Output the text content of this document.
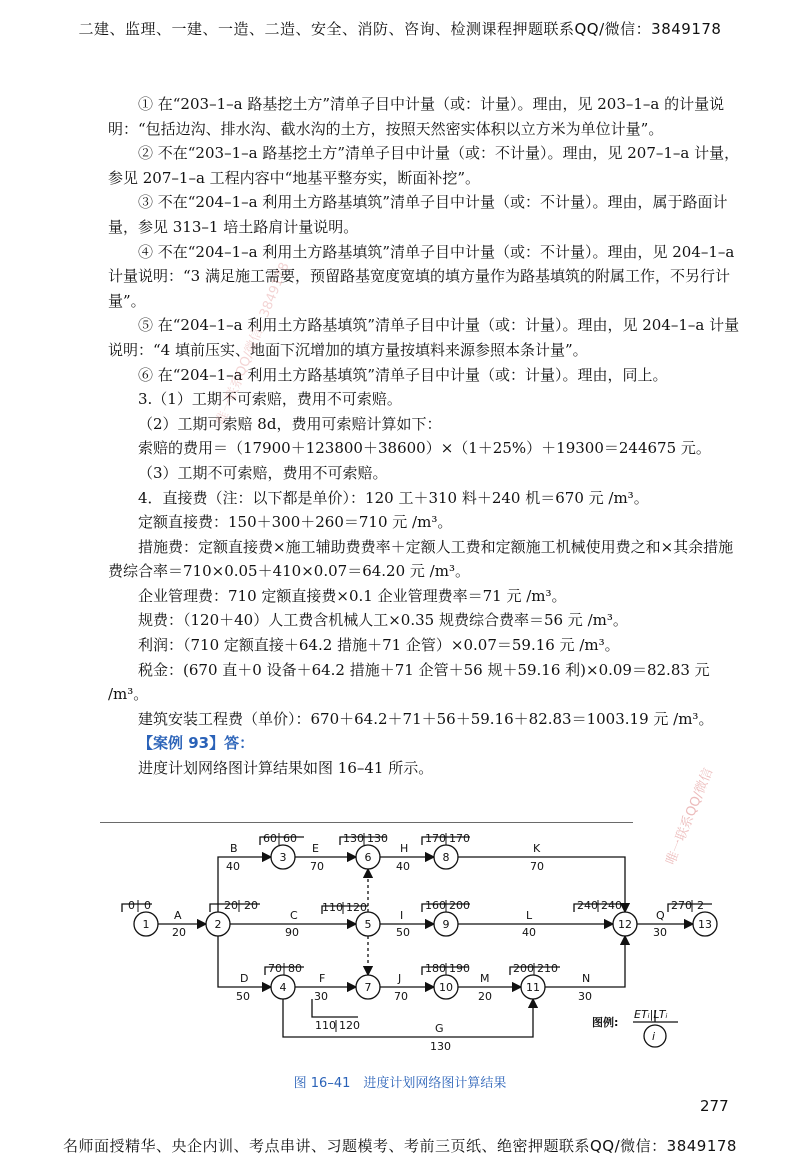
二建、监理、一建、一造、二造、安全、消防、咨询、检测课程押题联系QQ/微信：3849178

① 在“203–1–a 路基挖土方”清单子目中计量（或：计量）。理由，见 203–1–a 的计量说明：“包括边沟、排水沟、截水沟的土方，按照天然密实体积以立方米为单位计量”。

② 不在“203–1–a 路基挖土方”清单子目中计量（或：不计量）。理由，见 207–1–a 计量，参见 207–1–a 工程内容中“地基平整夯实，断面补挖”。

③ 不在“204–1–a 利用土方路基填筑”清单子目中计量（或：不计量）。理由，属于路面计量，参见 313–1 培土路肩计量说明。

④ 不在“204–1–a 利用土方路基填筑”清单子目中计量（或：不计量）。理由，见 204–1–a 计量说明：“3 满足施工需要，预留路基宽度宽填的填方量作为路基填筑的附属工作，不另行计量”。

⑤ 在“204–1–a 利用土方路基填筑”清单子目中计量（或：计量）。理由，见 204–1–a 计量说明：“4 填前压实、地面下沉增加的填方量按填料来源参照本条计量”。

⑥ 在“204–1–a 利用土方路基填筑”清单子目中计量（或：计量）。理由，同上。

3.（1）工期不可索赔，费用不可索赔。

（2）工期可索赔 8d，费用可索赔计算如下：

索赔的费用＝（17900＋123800＋38600）×（1＋25%）＋19300＝244675 元。

（3）工期不可索赔，费用不可索赔。

4．直接费（注：以下都是单价）：120 工＋310 料＋240 机＝670 元 /m³。

定额直接费：150＋300＋260＝710 元 /m³。

措施费：定额直接费×施工辅助费费率＋定额人工费和定额施工机械使用费之和×其余措施费综合率＝710×0.05＋410×0.07＝64.20 元 /m³。

企业管理费：710 定额直接费×0.1 企业管理费率＝71 元 /m³。

规费：（120＋40）人工费含机械人工×0.35 规费综合费率＝56 元 /m³。

利润：（710 定额直接＋64.2 措施＋71 企管）×0.07＝59.16 元 /m³。

税金：(670 直＋0 设备＋64.2 措施＋71 企管＋56 规＋59.16 利)×0.09＝82.83 元 /m³。

建筑安装工程费（单价）：670＋64.2＋71＋56＋59.16＋82.83＝1003.19 元 /m³。

【案例 93】答：

进度计划网络图计算结果如图 16–41 所示。

1	2
3
4
5
6
7
8
9
10	11
12	13
0 0	20 20
60 60
70 80
110 120
130 130
110 120
170 170
160 200
180 190	200 210
240 240	270 2
A
20
B
40
C
90
D
50
E
70
F
30
G
130
H
40
I
50
J
70
K
70
L
40
M
20
N
30
Q
30
图例:
ETᵢ|LTᵢ
i
图 16–41　进度计划网络图计算结果
唯一联系QQ/微信：3849178
唯一联系QQ/微信
277
名师面授精华、央企内训、考点串讲、习题模考、考前三页纸、绝密押题联系QQ/微信：3849178
